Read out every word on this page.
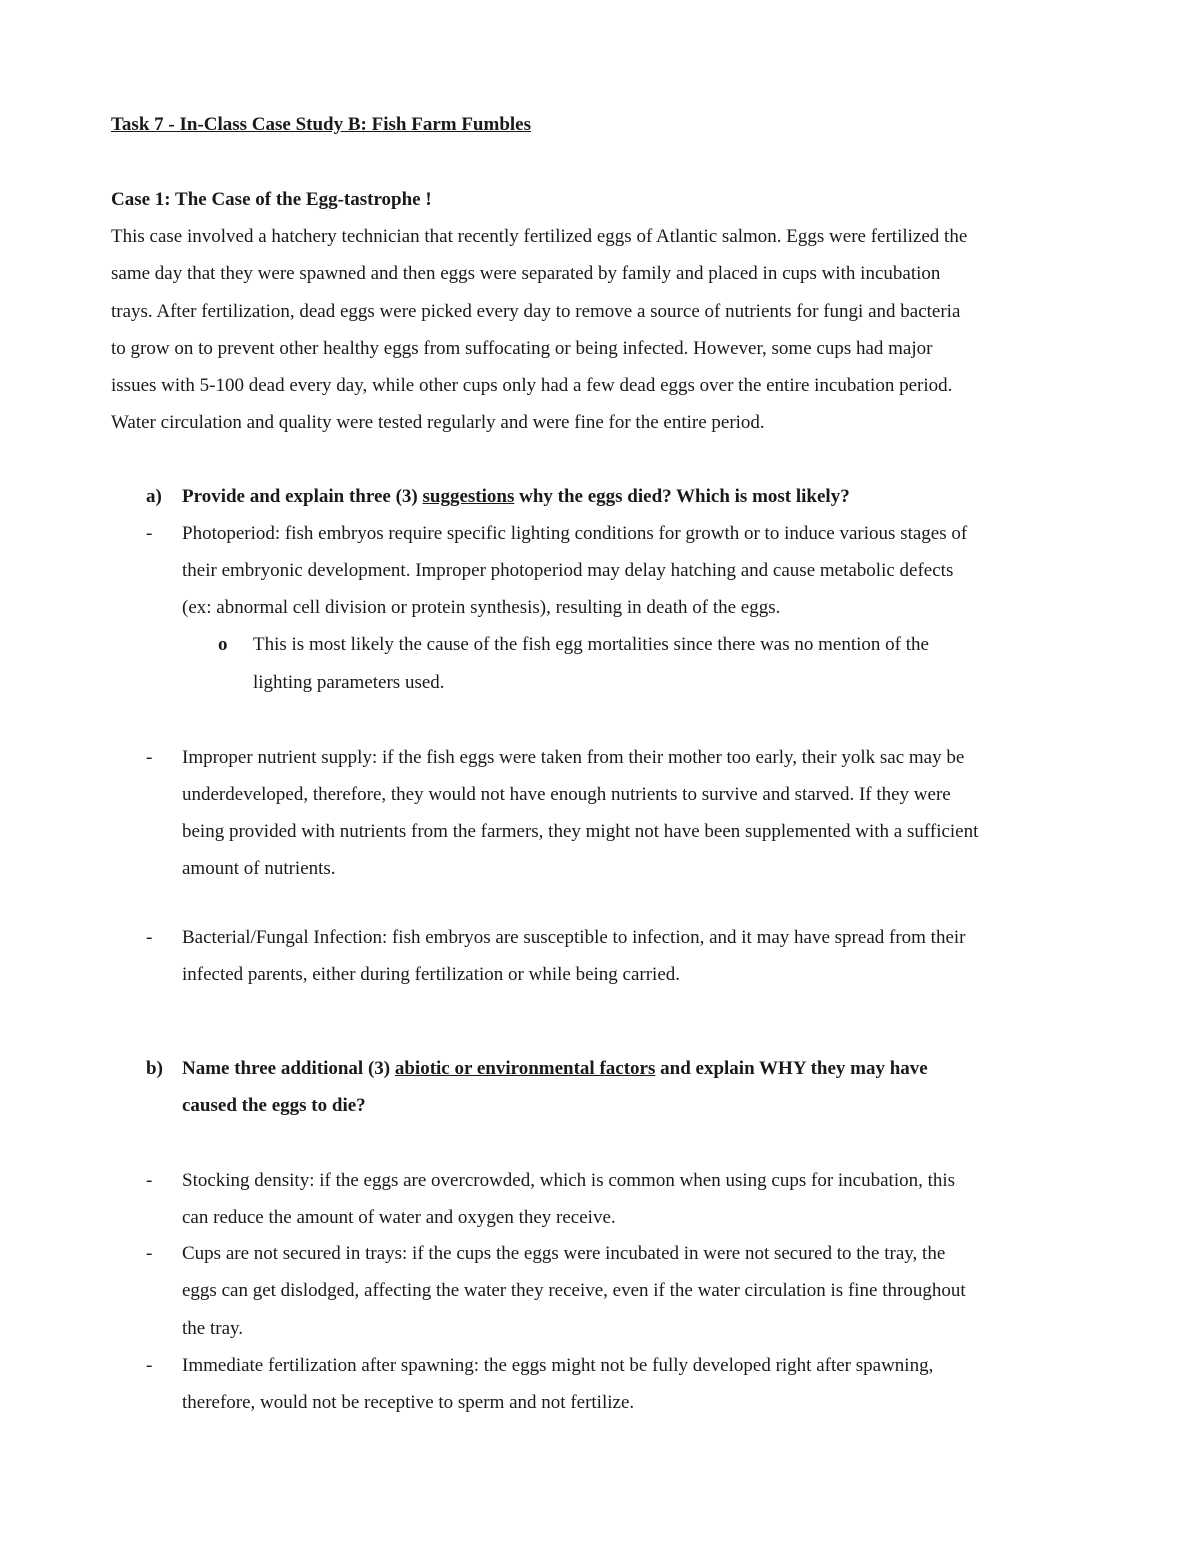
Task 7 - In-Class Case Study B: Fish Farm Fumbles
Case 1: The Case of the Egg-tastrophe !
This case involved a hatchery technician that recently fertilized eggs of Atlantic salmon. Eggs were fertilized the
same day that they were spawned and then eggs were separated by family and placed in cups with incubation
trays. After fertilization, dead eggs were picked every day to remove a source of nutrients for fungi and bacteria
to grow on to prevent other healthy eggs from suffocating or being infected. However, some cups had major
issues with 5-100 dead every day, while other cups only had a few dead eggs over the entire incubation period.
Water circulation and quality were tested regularly and were fine for the entire period.
a) Provide and explain three (3) suggestions why the eggs died? Which is most likely?
- Photoperiod: fish embryos require specific lighting conditions for growth or to induce various stages of
their embryonic development. Improper photoperiod may delay hatching and cause metabolic defects
(ex: abnormal cell division or protein synthesis), resulting in death of the eggs.
o This is most likely the cause of the fish egg mortalities since there was no mention of the
lighting parameters used.
- Improper nutrient supply: if the fish eggs were taken from their mother too early, their yolk sac may be
underdeveloped, therefore, they would not have enough nutrients to survive and starved. If they were
being provided with nutrients from the farmers, they might not have been supplemented with a sufficient
amount of nutrients.
- Bacterial/Fungal Infection: fish embryos are susceptible to infection, and it may have spread from their
infected parents, either during fertilization or while being carried.
b) Name three additional (3) abiotic or environmental factors and explain WHY they may have
caused the eggs to die?
- Stocking density: if the eggs are overcrowded, which is common when using cups for incubation, this
can reduce the amount of water and oxygen they receive.
- Cups are not secured in trays: if the cups the eggs were incubated in were not secured to the tray, the
eggs can get dislodged, affecting the water they receive, even if the water circulation is fine throughout
the tray.
- Immediate fertilization after spawning: the eggs might not be fully developed right after spawning,
therefore, would not be receptive to sperm and not fertilize.
